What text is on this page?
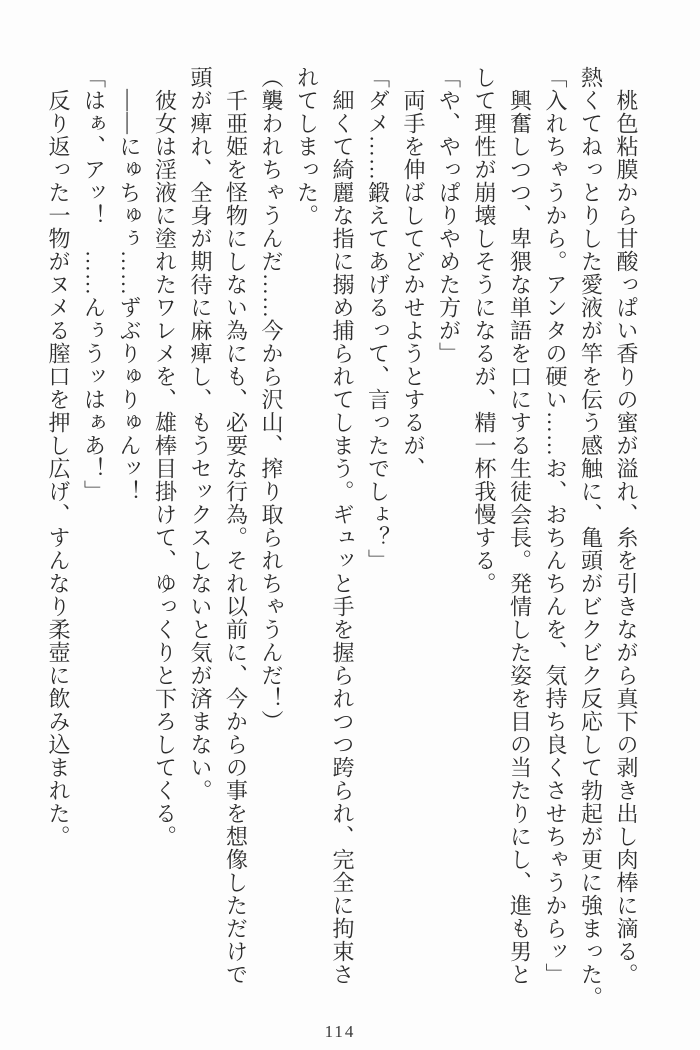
桃色粘膜から甘酸っぱい香りの蜜が溢れ、糸を引きながら真下の剥き出し肉棒に滴る。
熱くてねっとりした愛液が竿を伝う感触に、亀頭がビクビク反応して勃起が更に強まった。
「入れちゃうから。アンタの硬い……お、おちんちんを、気持ち良くさせちゃうからッ」
興奮しつつ、卑猥な単語を口にする生徒会長。発情した姿を目の当たりにし、進も男と
して理性が崩壊しそうになるが、精一杯我慢する。
「や、やっぱりやめた方が」
両手を伸ばしてどかせようとするが、
「ダメ……鍛えてあげるって、言ったでしょ？」
細くて綺麗な指に搦め捕られてしまう。ギュッと手を握られつつ跨られ、完全に拘束さ
れてしまった。
（襲われちゃうんだ……今から沢山、搾り取られちゃうんだ！）
千亜姫を怪物にしない為にも、必要な行為。それ以前に、今からの事を想像しただけで
頭が痺れ、全身が期待に麻痺し、もうセックスしないと気が済まない。
彼女は淫液に塗れたワレメを、雄棒目掛けて、ゆっくりと下ろしてくる。
――にゅちゅぅ……ずぶりゅりゅんッ！
「はぁ、アッ！　……んぅうッはぁあ！」
反り返った一物がヌメる膣口を押し広げ、すんなり柔壺に飲み込まれた。
114
